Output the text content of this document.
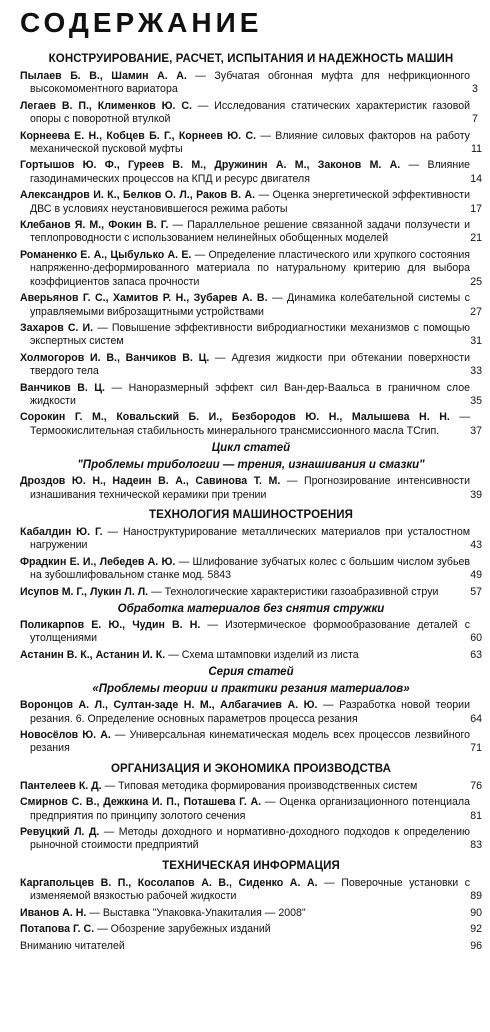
СОДЕРЖАНИЕ
КОНСТРУИРОВАНИЕ, РАСЧЕТ, ИСПЫТАНИЯ И НАДЕЖНОСТЬ МАШИН
Пылаев Б. В., Шамин А. А. — Зубчатая обгонная муфта для нефрикционного высокомоментного вариатора	3
Легаев В. П., Клименков Ю. С. — Исследования статических характеристик газовой опоры с поворотной втулкой	7
Корнеева Е. Н., Кобцев Б. Г., Корнеев Ю. С. — Влияние силовых факторов на работу механической пусковой муфты	11
Гортышов Ю. Ф., Гуреев В. М., Дружинин А. М., Законов М. А. — Влияние газодинамических процессов на КПД и ресурс двигателя	14
Александров И. К., Белков О. Л., Раков В. А. — Оценка энергетической эффективности ДВС в условиях неустановившегося режима работы	17
Клебанов Я. М., Фокин В. Г. — Параллельное решение связанной задачи ползучести и теплопроводности с использованием нелинейных обобщенных моделей	21
Романенко Е. А., Цыбулько А. Е. — Определение пластического или хрупкого состояния напряженно-деформированного материала по натуральному критерию для выбора коэффициентов запаса прочности	25
Аверьянов Г. С., Хамитов Р. Н., Зубарев А. В. — Динамика колебательной системы с управляемыми виброзащитными устройствами	27
Захаров С. И. — Повышение эффективности вибродиагностики механизмов с помощью экспертных систем	31
Холмогоров И. В., Ванчиков В. Ц. — Адгезия жидкости при обтекании поверхности твердого тела	33
Ванчиков В. Ц. — Наноразмерный эффект сил Ван-дер-Ваальса в граничном слое жидкости	35
Сорокин Г. М., Ковальский Б. И., Безбородов Ю. Н., Малышева Н. Н. — Термоокислительная стабильность минерального трансмиссионного масла TCгип.	37
Цикл статей
"Проблемы трибологии — трения, изнашивания и смазки"
Дроздов Ю. Н., Надеин В. А., Савинова Т. М. — Прогнозирование интенсивности изнашивания технической керамики при трении	39
ТЕХНОЛОГИЯ МАШИНОСТРОЕНИЯ
Кабалдин Ю. Г. — Наноструктурирование металлических материалов при усталостном нагружении	43
Фрадкин Е. И., Лебедев А. Ю. — Шлифование зубчатых колес с большим числом зубьев на зубошлифовальном станке мод. 5843	49
Исупов М. Г., Лукин Л. Л. — Технологические характеристики газоабразивной струи	57
Обработка материалов без снятия стружки
Поликарпов Е. Ю., Чудин В. Н. — Изотермическое формообразование деталей с утолщениями	60
Астанин В. К., Астанин И. К. — Схема штамповки изделий из листа	63
Серия статей
«Проблемы теории и практики резания материалов»
Воронцов А. Л., Султан-заде Н. М., Албагачиев А. Ю. — Разработка новой теории резания. 6. Определение основных параметров процесса резания	64
Новосёлов Ю. А. — Универсальная кинематическая модель всех процессов лезвийного резания	71
ОРГАНИЗАЦИЯ И ЭКОНОМИКА ПРОИЗВОДСТВА
Пантелеев К. Д. — Типовая методика формирования производственных систем	76
Смирнов С. В., Дежкина И. П., Поташева Г. А. — Оценка организационного потенциала предприятия по принципу золотого сечения	81
Ревуцкий Л. Д. — Методы доходного и нормативно-доходного подходов к определению рыночной стоимости предприятий	83
ТЕХНИЧЕСКАЯ ИНФОРМАЦИЯ
Каргапольцев В. П., Косолапов А. В., Сиденко А. А. — Поверочные установки с изменяемой вязкостью рабочей жидкости	89
Иванов А. Н. — Выставка "Упаковка-Упакиталия — 2008"	90
Потапова Г. С. — Обозрение зарубежных изданий	92
Вниманию читателей	96
